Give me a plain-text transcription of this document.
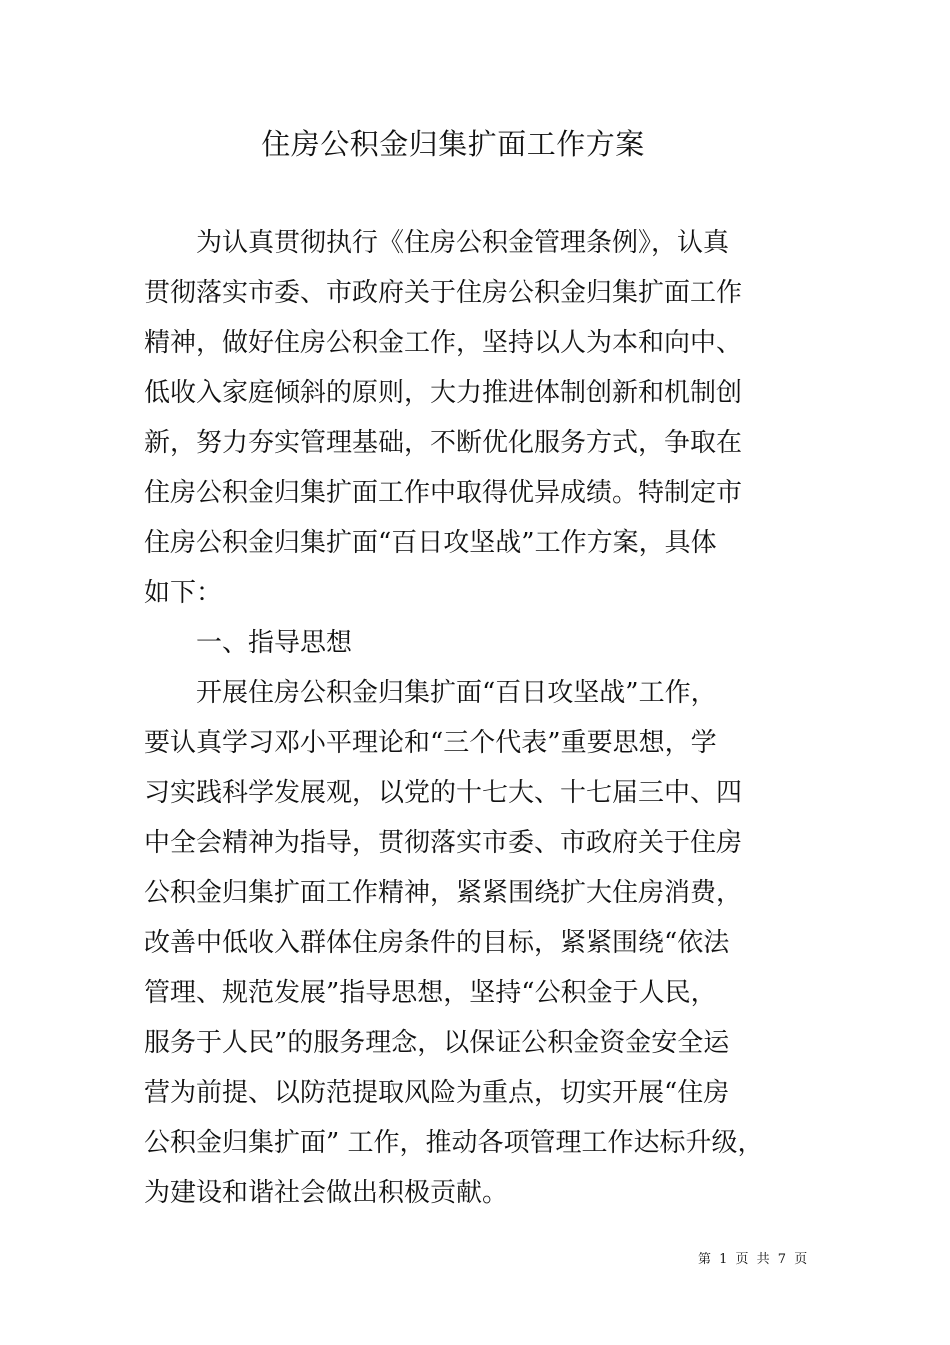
住房公积金归集扩面工作方案
　　为认真贯彻执行《住房公积金管理条例》，认真
贯彻落实市委、市政府关于住房公积金归集扩面工作
精神，做好住房公积金工作，坚持以人为本和向中、
低收入家庭倾斜的原则，大力推进体制创新和机制创
新，努力夯实管理基础，不断优化服务方式，争取在
住房公积金归集扩面工作中取得优异成绩。特制定市
住房公积金归集扩面“百日攻坚战”工作方案，具体
如下：
　　一、指导思想
　　开展住房公积金归集扩面“百日攻坚战”工作，
要认真学习邓小平理论和“三个代表”重要思想，学
习实践科学发展观，以党的十七大、十七届三中、四
中全会精神为指导，贯彻落实市委、市政府关于住房
公积金归集扩面工作精神，紧紧围绕扩大住房消费，
改善中低收入群体住房条件的目标，紧紧围绕“依法
管理、规范发展”指导思想，坚持“公积金于人民，
服务于人民”的服务理念，以保证公积金资金安全运
营为前提、以防范提取风险为重点，切实开展“住房
公积金归集扩面” 工作，推动各项管理工作达标升级，
为建设和谐社会做出积极贡献。
第 1 页 共 7 页
